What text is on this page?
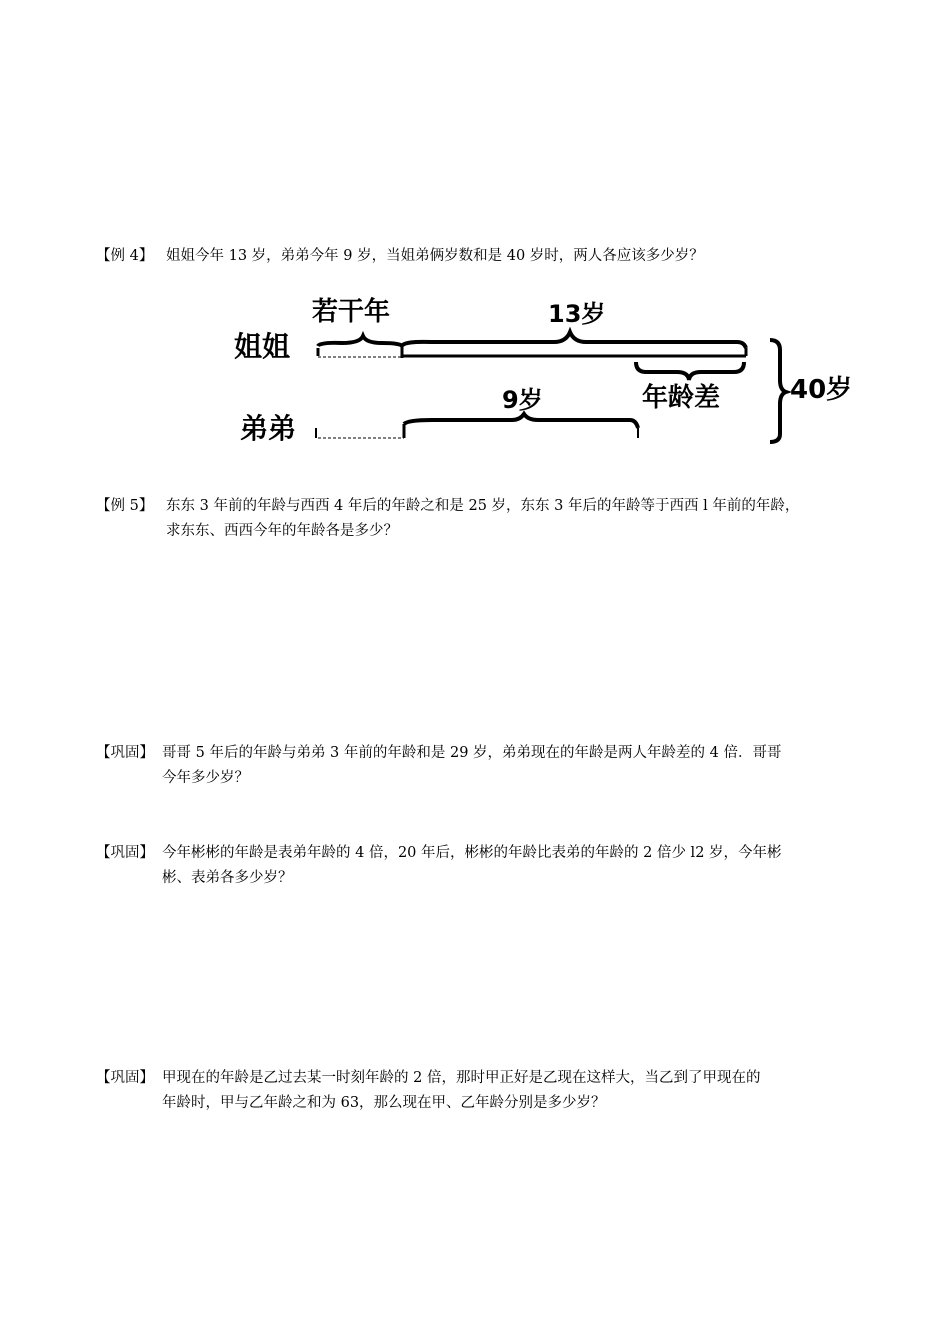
【例 4】 姐姐今年 13 岁，弟弟今年 9 岁，当姐弟俩岁数和是 40 岁时，两人各应该多少岁？
姐姐
弟弟
若干年	13岁
9岁	年龄差	40岁
【例 5】 东东 3 年前的年龄与西西 4 年后的年龄之和是 25 岁，东东 3 年后的年龄等于西西 l 年前的年龄，
求东东、西西今年的年龄各是多少？
【巩固】 哥哥 5 年后的年龄与弟弟 3 年前的年龄和是 29 岁，弟弟现在的年龄是两人年龄差的 4 倍．哥哥
今年多少岁？
【巩固】 今年彬彬的年龄是表弟年龄的 4 倍，20 年后，彬彬的年龄比表弟的年龄的 2 倍少 l2 岁，今年彬
彬、表弟各多少岁？
【巩固】 甲现在的年龄是乙过去某一时刻年龄的 2 倍，那时甲正好是乙现在这样大，当乙到了甲现在的
年龄时，甲与乙年龄之和为 63，那么现在甲、乙年龄分别是多少岁？
